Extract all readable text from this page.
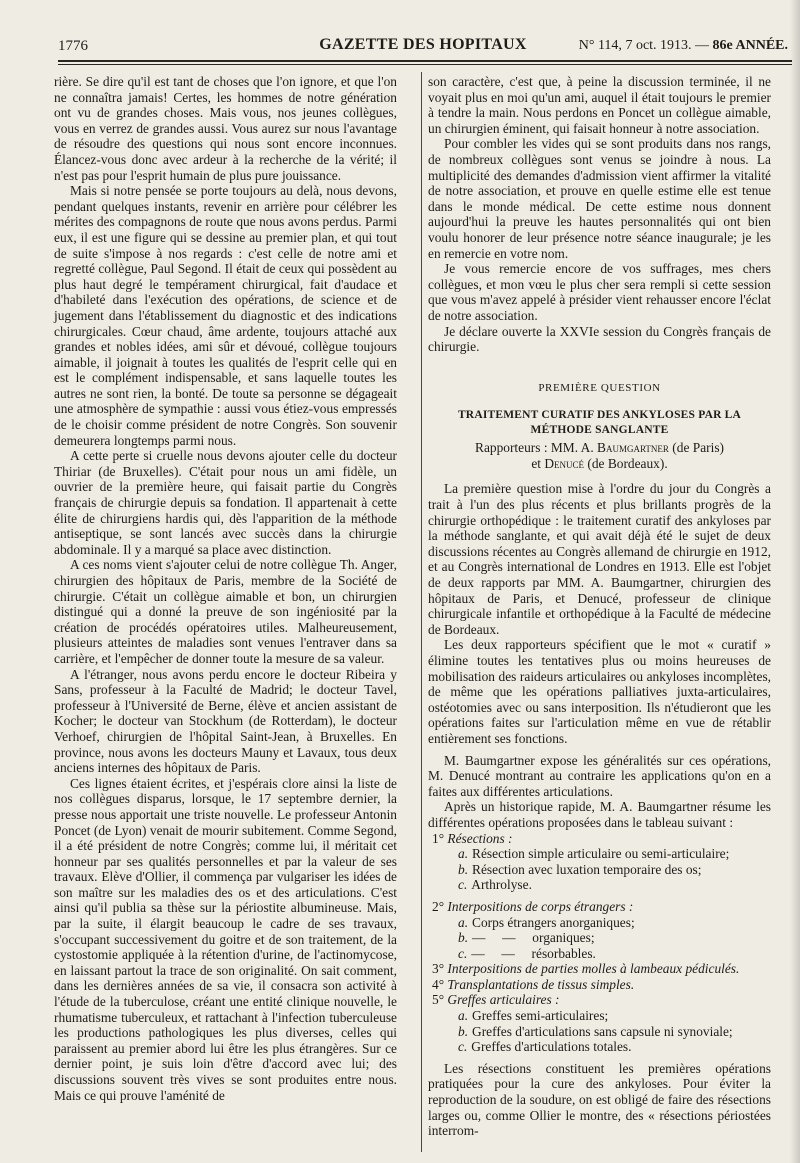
1776	GAZETTE DES HOPITAUX	N° 114, 7 oct. 1913. — 86e ANNÉE.

rière. Se dire qu'il est tant de choses que l'on ignore, et que l'on ne connaîtra jamais! Certes, les hommes de notre génération ont vu de grandes choses. Mais vous, nos jeunes collègues, vous en verrez de grandes aussi. Vous aurez sur nous l'avantage de résoudre des questions qui nous sont encore inconnues. Élancez-vous donc avec ardeur à la recherche de la vérité; il n'est pas pour l'esprit humain de plus pure jouissance.

Mais si notre pensée se porte toujours au delà, nous devons, pendant quelques instants, revenir en arrière pour célébrer les mérites des compagnons de route que nous avons perdus. Parmi eux, il est une figure qui se dessine au premier plan, et qui tout de suite s'impose à nos regards : c'est celle de notre ami et regretté collègue, Paul Segond. Il était de ceux qui possèdent au plus haut degré le tempérament chirurgical, fait d'audace et d'habileté dans l'exécution des opérations, de science et de jugement dans l'établissement du diagnostic et des indications chirurgicales. Cœur chaud, âme ardente, toujours attaché aux grandes et nobles idées, ami sûr et dévoué, collègue toujours aimable, il joignait à toutes les qualités de l'esprit celle qui en est le complément indispensable, et sans laquelle toutes les autres ne sont rien, la bonté. De toute sa personne se dégageait une atmosphère de sympathie : aussi vous étiez-vous empressés de le choisir comme président de notre Congrès. Son souvenir demeurera longtemps parmi nous.

A cette perte si cruelle nous devons ajouter celle du docteur Thiriar (de Bruxelles). C'était pour nous un ami fidèle, un ouvrier de la première heure, qui faisait partie du Congrès français de chirurgie depuis sa fondation. Il appartenait à cette élite de chirurgiens hardis qui, dès l'apparition de la méthode antiseptique, se sont lancés avec succès dans la chirurgie abdominale. Il y a marqué sa place avec distinction.

A ces noms vient s'ajouter celui de notre collègue Th. Anger, chirurgien des hôpitaux de Paris, membre de la Société de chirurgie. C'était un collègue aimable et bon, un chirurgien distingué qui a donné la preuve de son ingéniosité par la création de procédés opératoires utiles. Malheureusement, plusieurs atteintes de maladies sont venues l'entraver dans sa carrière, et l'empêcher de donner toute la mesure de sa valeur.

A l'étranger, nous avons perdu encore le docteur Ribeira y Sans, professeur à la Faculté de Madrid; le docteur Tavel, professeur à l'Université de Berne, élève et ancien assistant de Kocher; le docteur van Stockhum (de Rotterdam), le docteur Verhoef, chirurgien de l'hôpital Saint-Jean, à Bruxelles. En province, nous avons les docteurs Mauny et Lavaux, tous deux anciens internes des hôpitaux de Paris.

Ces lignes étaient écrites, et j'espérais clore ainsi la liste de nos collègues disparus, lorsque, le 17 septembre dernier, la presse nous apportait une triste nouvelle. Le professeur Antonin Poncet (de Lyon) venait de mourir subitement. Comme Segond, il a été président de notre Congrès; comme lui, il méritait cet honneur par ses qualités personnelles et par la valeur de ses travaux. Elève d'Ollier, il commença par vulgariser les idées de son maître sur les maladies des os et des articulations. C'est ainsi qu'il publia sa thèse sur la périostite albumineuse. Mais, par la suite, il élargit beaucoup le cadre de ses travaux, s'occupant successivement du goitre et de son traitement, de la cystostomie appliquée à la rétention d'urine, de l'actinomycose, en laissant partout la trace de son originalité. On sait comment, dans les dernières années de sa vie, il consacra son activité à l'étude de la tuberculose, créant une entité clinique nouvelle, le rhumatisme tuberculeux, et rattachant à l'infection tuberculeuse les productions pathologiques les plus diverses, celles qui paraissent au premier abord lui être les plus étrangères. Sur ce dernier point, je suis loin d'être d'accord avec lui; des discussions souvent très vives se sont produites entre nous. Mais ce qui prouve l'aménité de

son caractère, c'est que, à peine la discussion terminée, il ne voyait plus en moi qu'un ami, auquel il était toujours le premier à tendre la main. Nous perdons en Poncet un collègue aimable, un chirurgien éminent, qui faisait honneur à notre association.

Pour combler les vides qui se sont produits dans nos rangs, de nombreux collègues sont venus se joindre à nous. La multiplicité des demandes d'admission vient affirmer la vitalité de notre association, et prouve en quelle estime elle est tenue dans le monde médical. De cette estime nous donnent aujourd'hui la preuve les hautes personnalités qui ont bien voulu honorer de leur présence notre séance inaugurale; je les en remercie en votre nom.

Je vous remercie encore de vos suffrages, mes chers collègues, et mon vœu le plus cher sera rempli si cette session que vous m'avez appelé à présider vient rehausser encore l'éclat de notre association.

Je déclare ouverte la XXVIe session du Congrès français de chirurgie.

PREMIÈRE QUESTION
TRAITEMENT CURATIF DES ANKYLOSES PAR LA MÉTHODE SANGLANTE
Rapporteurs : MM. A. Baumgartner (de Paris)
et Denucé (de Bordeaux).

La première question mise à l'ordre du jour du Congrès a trait à l'un des plus récents et plus brillants progrès de la chirurgie orthopédique : le traitement curatif des ankyloses par la méthode sanglante, et qui avait déjà été le sujet de deux discussions récentes au Congrès allemand de chirurgie en 1912, et au Congrès international de Londres en 1913. Elle est l'objet de deux rapports par MM. A. Baumgartner, chirurgien des hôpitaux de Paris, et Denucé, professeur de clinique chirurgicale infantile et orthopédique à la Faculté de médecine de Bordeaux.

Les deux rapporteurs spécifient que le mot « curatif » élimine toutes les tentatives plus ou moins heureuses de mobilisation des raideurs articulaires ou ankyloses incomplètes, de même que les opérations palliatives juxta-articulaires, ostéotomies avec ou sans interposition. Ils n'étudieront que les opérations faites sur l'articulation même en vue de rétablir entièrement ses fonctions.

M. Baumgartner expose les généralités sur ces opérations, M. Denucé montrant au contraire les applications qu'on en a faites aux différentes articulations.

Après un historique rapide, M. A. Baumgartner résume les différentes opérations proposées dans le tableau suivant :

1° Résections :
a. Résection simple articulaire ou semi-articulaire;
b. Résection avec luxation temporaire des os;
c. Arthrolyse.
2° Interpositions de corps étrangers :
a. Corps étrangers anorganiques;
b. —     —     organiques;
c. —     —     résorbables.
3° Interpositions de parties molles à lambeaux pédiculés.
4° Transplantations de tissus simples.
5° Greffes articulaires :
a. Greffes semi-articulaires;
b. Greffes d'articulations sans capsule ni synoviale;
c. Greffes d'articulations totales.

Les résections constituent les premières opérations pratiquées pour la cure des ankyloses. Pour éviter la reproduction de la soudure, on est obligé de faire des résections larges ou, comme Ollier le montre, des « résections périostées interrom-
